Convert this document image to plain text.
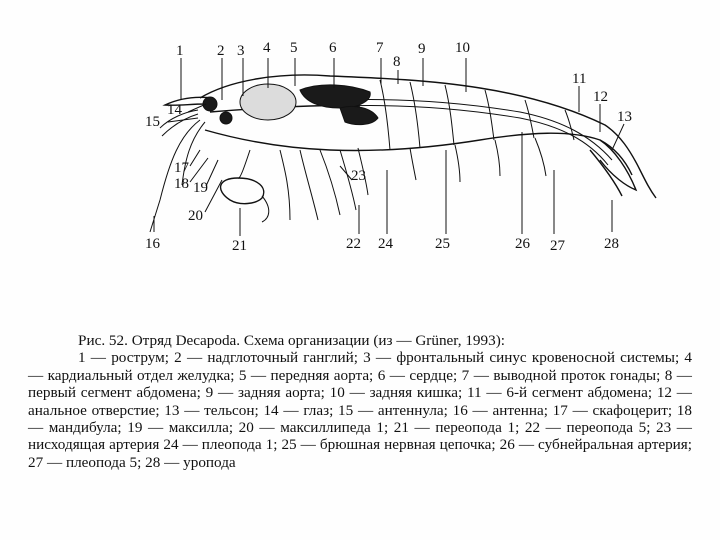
1 2 3 4 5 6	7
8
9 10
11
12
13
14
15
16
17
18 19
20
21	22
23
24	25	26 27	28
Рис. 52. Отряд Decapoda. Схема организации (из — Grüner, 1993):
1 — рострум; 2 — надглоточный ганглий; 3 — фронтальный синус кровеносной системы; 4 — кардиальный отдел желудка; 5 — передняя аорта; 6 — сердце; 7 — выводной проток гонады; 8 — первый сегмент абдомена; 9 — задняя аорта; 10 — задняя кишка; 11 — 6-й сегмент абдомена; 12 — анальное отверстие; 13 — тельсон; 14 — глаз; 15 — антеннула; 16 — антенна; 17 — скафоцерит; 18 — мандибула; 19 — максилла; 20 — максиллипеда 1; 21 — переопода 1; 22 — переопода 5; 23 — нисходящая артерия 24 — плеопода 1; 25 — брюшная нервная цепочка; 26 — субнейральная артерия; 27 — плеопода 5; 28 — уропода
